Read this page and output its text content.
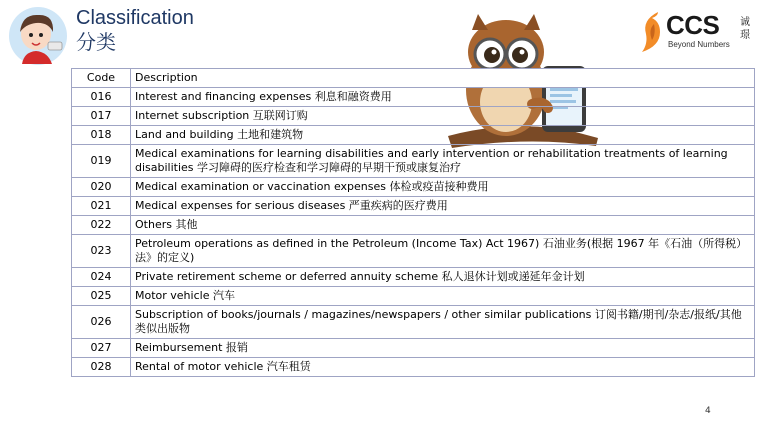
Classification
分类
CCS
Beyond Numbers
诚璟
Code	Description
016	Interest and financing expenses 利息和融资费用
017	Internet subscription 互联网订购
018	Land and building 土地和建筑物
019	Medical examinations for learning disabilities and early intervention or rehabilitation treatments of learning disabilities 学习障碍的医疗检查和学习障碍的早期干预或康复治疗
020	Medical examination or vaccination expenses 体检或疫苗接种费用
021	Medical expenses for serious diseases 严重疾病的医疗费用
022	Others 其他
023	Petroleum operations as defined in the Petroleum (Income Tax) Act 1967) 石油业务(根据 1967 年《石油（所得税）法》的定义)
024	Private retirement scheme or deferred annuity scheme 私人退休计划或递延年金计划
025	Motor vehicle 汽车
026	Subscription of books/journals / magazines/newspapers / other similar publications 订阅书籍/期刊/杂志/报纸/其他类似出版物
027	Reimbursement 报销
028	Rental of motor vehicle 汽车租赁
4
